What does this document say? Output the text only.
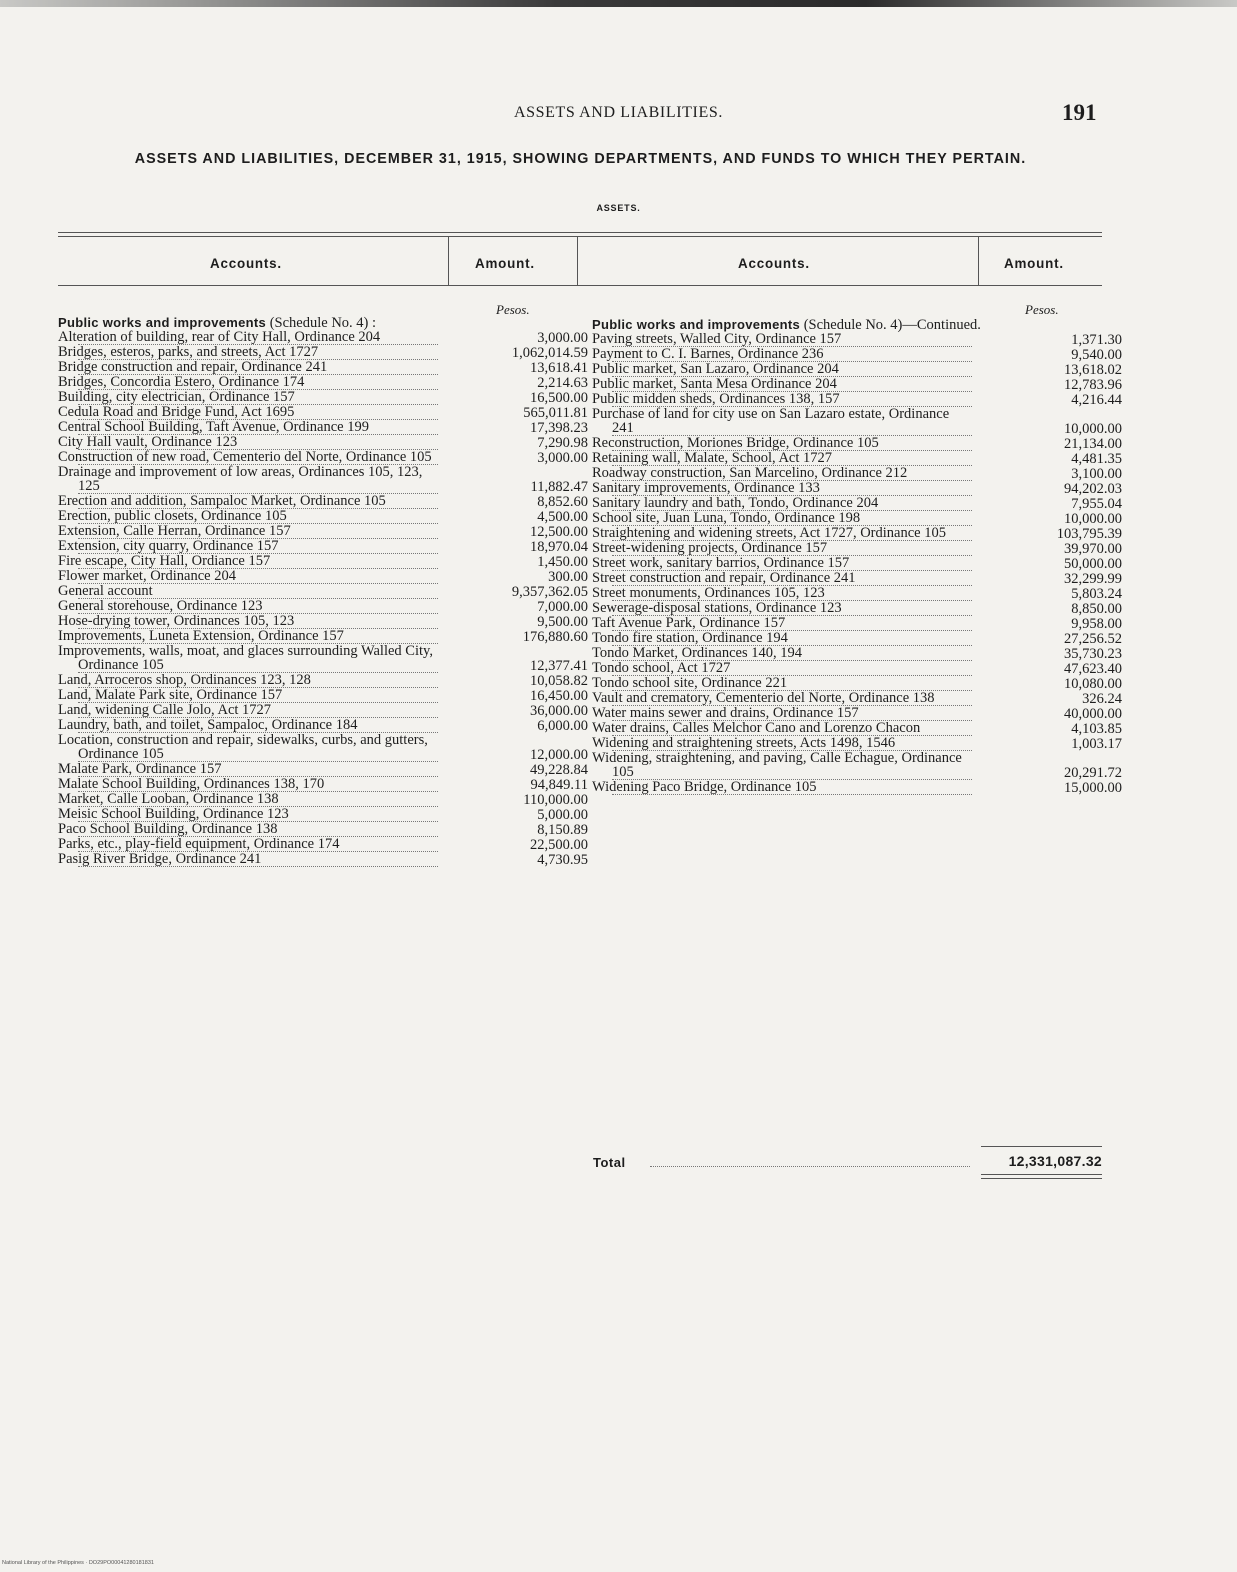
ASSETS AND LIABILITIES.	191
ASSETS AND LIABILITIES, DECEMBER 31, 1915, SHOWING DEPARTMENTS, AND FUNDS TO WHICH THEY PERTAIN.
ASSETS.
Accounts.	Amount.	Accounts.	Amount.
Pesos.	Pesos.
Public works and improvements (Schedule No. 4) :
Alteration of building, rear of City Hall, Ordinance 204	3,000.00
Bridges, esteros, parks, and streets, Act 1727	1,062,014.59
Bridge construction and repair, Ordinance 241	13,618.41
Bridges, Concordia Estero, Ordinance 174	2,214.63
Building, city electrician, Ordinance 157	16,500.00
Cedula Road and Bridge Fund, Act 1695	565,011.81
Central School Building, Taft Avenue, Ordinance 199	17,398.23
City Hall vault, Ordinance 123	7,290.98
Construction of new road, Cementerio del Norte, Ordinance 105	3,000.00
Drainage and improvement of low areas, Ordinances 105, 123, 125	11,882.47
Erection and addition, Sampaloc Market, Ordinance 105	8,852.60
Erection, public closets, Ordinance 105	4,500.00
Extension, Calle Herran, Ordinance 157	12,500.00
Extension, city quarry, Ordinance 157	18,970.04
Fire escape, City Hall, Ordiance 157	1,450.00
Flower market, Ordinance 204	300.00
General account	9,357,362.05
General storehouse, Ordinance 123	7,000.00
Hose-drying tower, Ordinances 105, 123	9,500.00
Improvements, Luneta Extension, Ordinance 157	176,880.60
Improvements, walls, moat, and glaces surrounding Walled City, Ordinance 105	12,377.41
Land, Arroceros shop, Ordinances 123, 128	10,058.82
Land, Malate Park site, Ordinance 157	16,450.00
Land, widening Calle Jolo, Act 1727	36,000.00
Laundry, bath, and toilet, Sampaloc, Ordinance 184	6,000.00
Location, construction and repair, sidewalks, curbs, and gutters, Ordinance 105	12,000.00
Malate Park, Ordinance 157	49,228.84
Malate School Building, Ordinances 138, 170	94,849.11
Market, Calle Looban, Ordinance 138	110,000.00
Meisic School Building, Ordinance 123	5,000.00
Paco School Building, Ordinance 138	8,150.89
Parks, etc., play-field equipment, Ordinance 174	22,500.00
Pasig River Bridge, Ordinance 241	4,730.95
Public works and improvements (Schedule No. 4)—Continued.
Paving streets, Walled City, Ordinance 157	1,371.30
Payment to C. I. Barnes, Ordinance 236	9,540.00
Public market, San Lazaro, Ordinance 204	13,618.02
Public market, Santa Mesa Ordinance 204	12,783.96
Public midden sheds, Ordinances 138, 157	4,216.44
Purchase of land for city use on San Lazaro estate, Ordinance 241	10,000.00
Reconstruction, Moriones Bridge, Ordinance 105	21,134.00
Retaining wall, Malate, School, Act 1727	4,481.35
Roadway construction, San Marcelino, Ordinance 212	3,100.00
Sanitary improvements, Ordinance 133	94,202.03
Sanitary laundry and bath, Tondo, Ordinance 204	7,955.04
School site, Juan Luna, Tondo, Ordinance 198	10,000.00
Straightening and widening streets, Act 1727, Ordinance 105	103,795.39
Street-widening projects, Ordinance 157	39,970.00
Street work, sanitary barrios, Ordinance 157	50,000.00
Street construction and repair, Ordinance 241	32,299.99
Street monuments, Ordinances 105, 123	5,803.24
Sewerage-disposal stations, Ordinance 123	8,850.00
Taft Avenue Park, Ordinance 157	9,958.00
Tondo fire station, Ordinance 194	27,256.52
Tondo Market, Ordinances 140, 194	35,730.23
Tondo school, Act 1727	47,623.40
Tondo school site, Ordinance 221	10,080.00
Vault and crematory, Cementerio del Norte, Ordinance 138	326.24
Water mains sewer and drains, Ordinance 157	40,000.00
Water drains, Calles Melchor Cano and Lorenzo Chacon	4,103.85
Widening and straightening streets, Acts 1498, 1546	1,003.17
Widening, straightening, and paving, Calle Echague, Ordinance 105	20,291.72
Widening Paco Bridge, Ordinance 105	15,000.00
Total	12,331,087.32
National Library of the Philippines · DO29PO00041280181831
